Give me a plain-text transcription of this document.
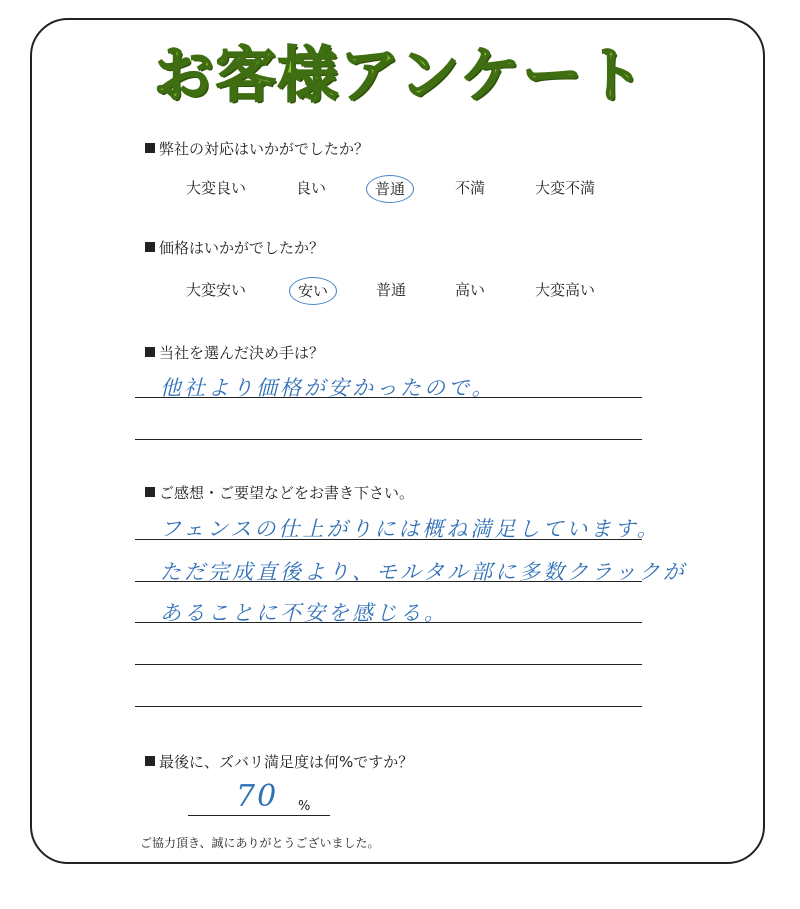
お客様アンケート
弊社の対応はいかがでしたか？
大変良い	良い	普通	不満	大変不満
価格はいかがでしたか？
大変安い	安い	普通	高い	大変高い
当社を選んだ決め手は？
他社より価格が安かったので。
ご感想・ご要望などをお書き下さい。
フェンスの仕上がりには概ね満足しています。
ただ完成直後より、モルタル部に多数クラックが
あることに不安を感じる。
最後に、ズバリ満足度は何%ですか？
70 %
ご協力頂き、誠にありがとうございました。
